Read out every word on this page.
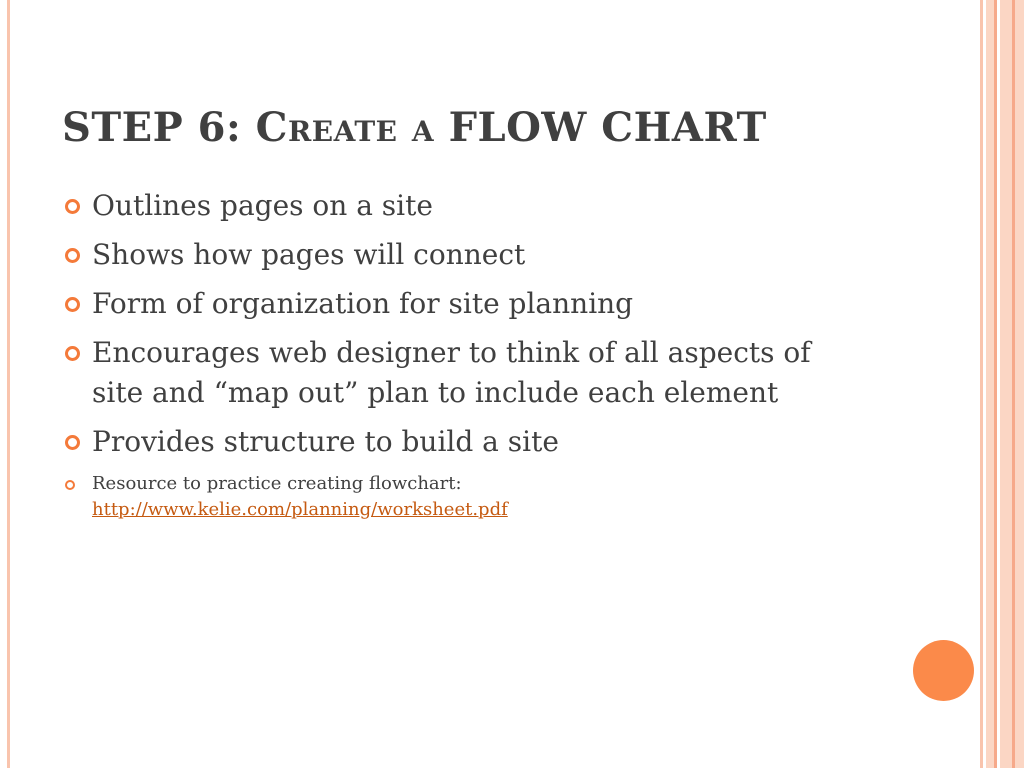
STEP 6: Create a FLOW CHART
Outlines pages on a site
Shows how pages will connect
Form of organization for site planning
Encourages web designer to think of all aspects of site and “map out” plan to include each element
Provides structure to build a site
Resource to practice creating flowchart:
http://www.kelie.com/planning/worksheet.pdf
